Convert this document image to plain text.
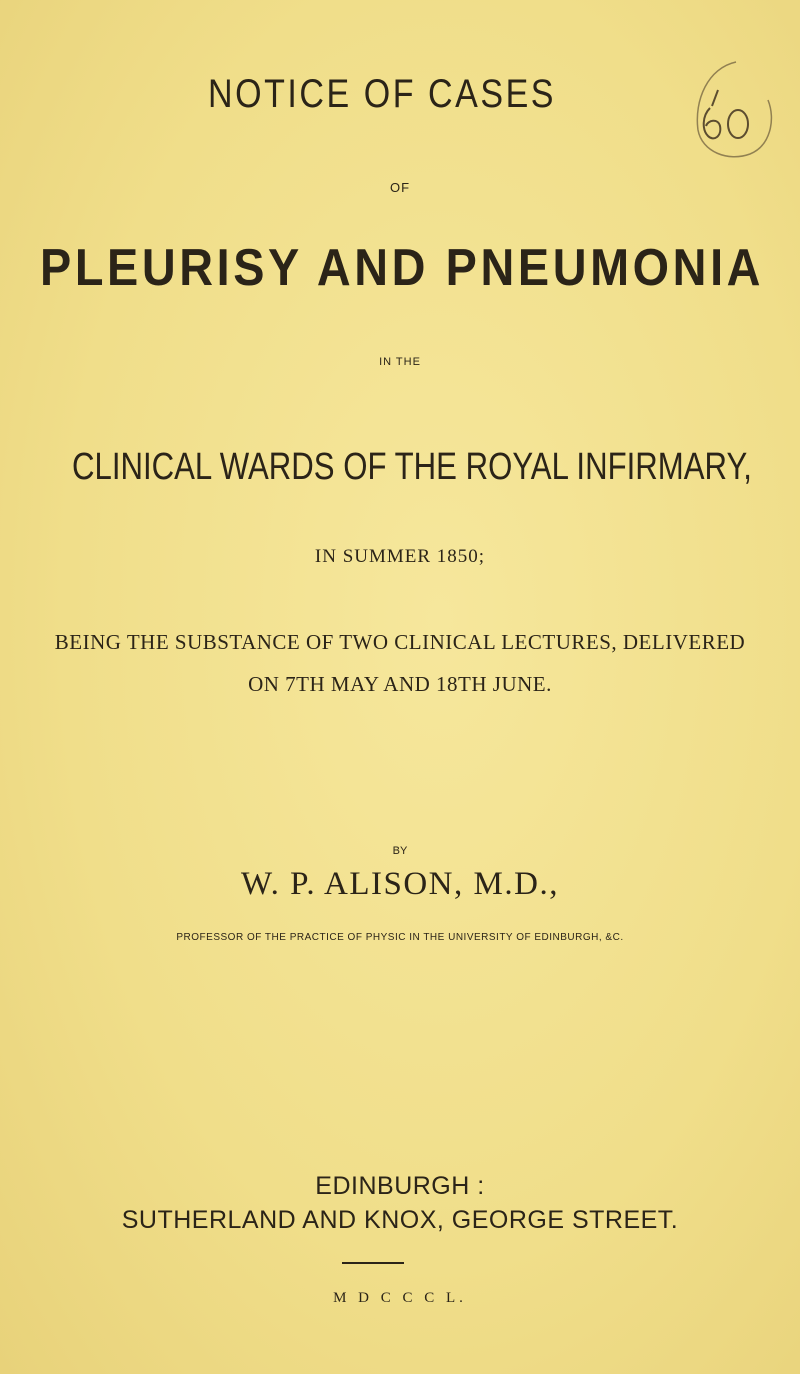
NOTICE OF CASES
OF
PLEURISY AND PNEUMONIA
IN THE
CLINICAL WARDS OF THE ROYAL INFIRMARY,
IN SUMMER 1850;
BEING THE SUBSTANCE OF TWO CLINICAL LECTURES, DELIVERED
ON 7TH MAY AND 18TH JUNE.
BY
W. P. ALISON, M.D.,
PROFESSOR OF THE PRACTICE OF PHYSIC IN THE UNIVERSITY OF EDINBURGH, &C.
EDINBURGH :
SUTHERLAND AND KNOX, GEORGE STREET.
M D C C C L.
